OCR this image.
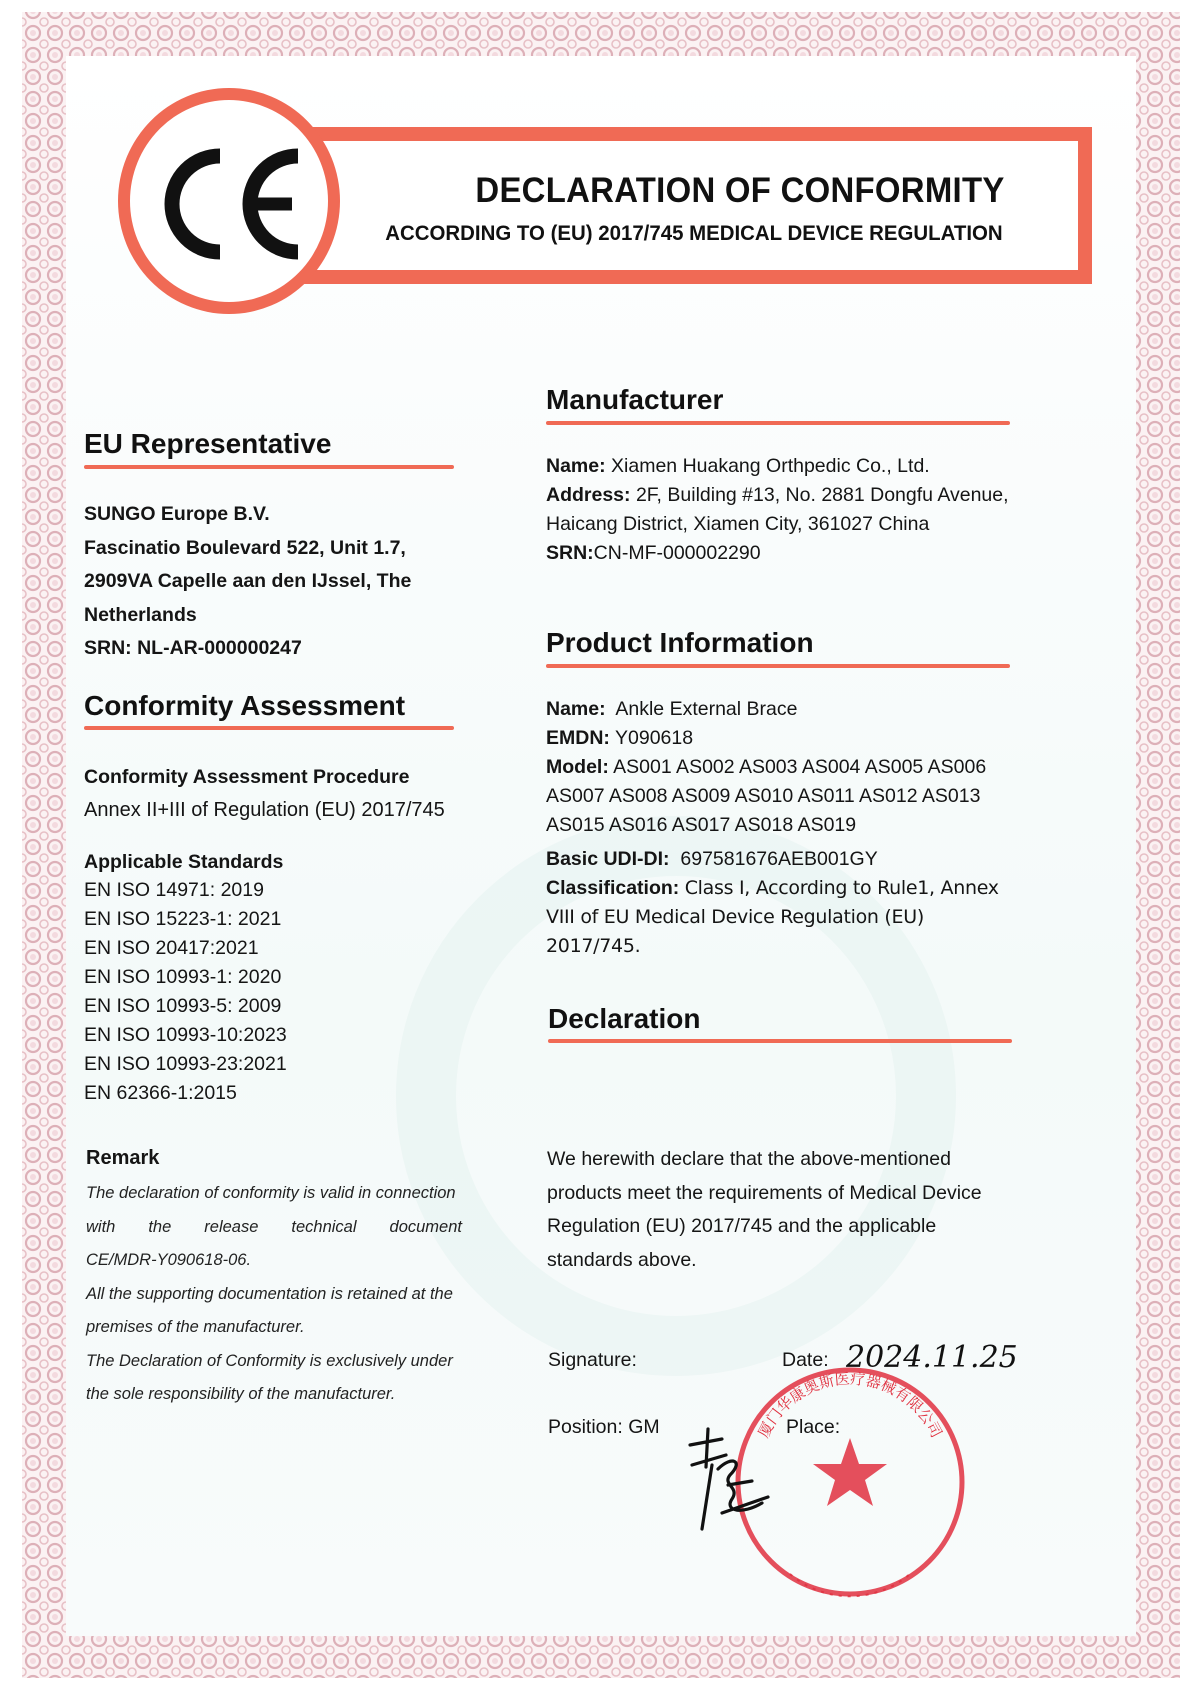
DECLARATION OF CONFORMITY
ACCORDING TO (EU) 2017/745 MEDICAL DEVICE REGULATION
EU Representative
SUNGO Europe B.V.
Fascinatio Boulevard 522, Unit 1.7,
2909VA Capelle aan den IJssel, The
Netherlands
SRN: NL-AR-000000247
Conformity Assessment
Conformity Assessment Procedure
Annex II+III of Regulation (EU) 2017/745
Applicable Standards
EN ISO 14971: 2019
EN ISO 15223-1: 2021
EN ISO 20417:2021
EN ISO 10993-1: 2020
EN ISO 10993-5: 2009
EN ISO 10993-10:2023
EN ISO 10993-23:2021
EN 62366-1:2015
Remark
The declaration of conformity is valid in connection
with the release technical document
CE/MDR-Y090618-06.
All the supporting documentation is retained at the
premises of the manufacturer.
The Declaration of Conformity is exclusively under
the sole responsibility of the manufacturer.
Manufacturer
Name: Xiamen Huakang Orthpedic Co., Ltd.
Address: 2F, Building #13, No. 2881 Dongfu Avenue,
Haicang District, Xiamen City, 361027 China
SRN:CN-MF-000002290
Product Information
Name: Ankle External Brace
EMDN: Y090618
Model: AS001 AS002 AS003 AS004 AS005 AS006
AS007 AS008 AS009 AS010 AS011 AS012 AS013
AS015 AS016 AS017 AS018 AS019
Basic UDI-DI: 697581676AEB001GY
Classification: Class I, According to Rule1, Annex
VIII of EU Medical Device Regulation (EU)
2017/745.
Declaration
We herewith declare that the above-mentioned
products meet the requirements of Medical Device
Regulation (EU) 2017/745 and the applicable
standards above.
厦门华康奥斯医疗器械有限公司
Signature:	Date: 2024.11.25
Position: GM	Place:
